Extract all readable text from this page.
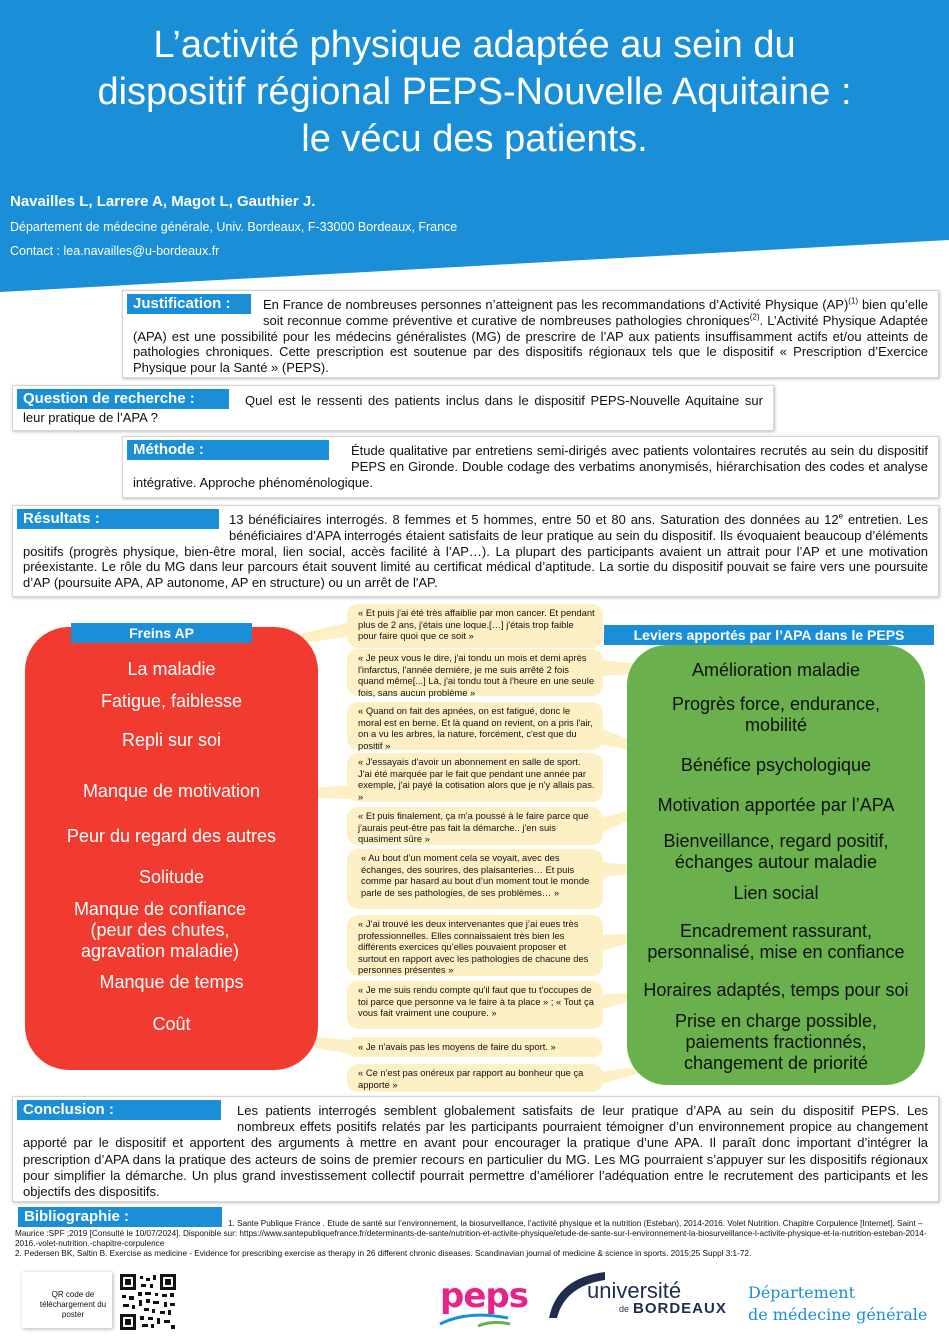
L’activité physique adaptée au sein du
dispositif régional PEPS-Nouvelle Aquitaine :
le vécu des patients.
Navailles L, Larrere A, Magot L, Gauthier J.
Département de médecine générale, Univ. Bordeaux, F-33000 Bordeaux, France
Contact : lea.navailles@u-bordeaux.fr
Justification :	En France de nombreuses personnes n’atteignent pas les recommandations d’Activité Physique (AP)$^{(1)}$ bien qu’elle soit reconnue comme préventive et curative de nombreuses pathologies chroniques$^{(2)}$. L’Activité Physique Adaptée (APA) est une possibilité pour les médecins généralistes (MG) de prescrire de l’AP aux patients insuffisamment actifs et/ou atteints de pathologies chroniques. Cette prescription est soutenue par des dispositifs régionaux tels que le dispositif « Prescription d’Exercice Physique pour la Santé » (PEPS).
Question de recherche :	Quel est le ressenti des patients inclus dans le dispositif PEPS-Nouvelle Aquitaine sur leur pratique de l’APA ?
Méthode :	Étude qualitative par entretiens semi-dirigés avec patients volontaires recrutés au sein du dispositif PEPS en Gironde. Double codage des verbatims anonymisés, hiérarchisation des codes et analyse intégrative. Approche phénoménologique.
Résultats :	13 bénéficiaires interrogés. 8 femmes et 5 hommes, entre 50 et 80 ans. Saturation des données au 12e entretien. Les bénéficiaires d’APA interrogés étaient satisfaits de leur pratique au sein du dispositif. Ils évoquaient beaucoup d’éléments positifs (progrès physique, bien-être moral, lien social, accès facilité à l’AP…). La plupart des participants avaient un attrait pour l’AP et une motivation préexistante. Le rôle du MG dans leur parcours était souvent limité au certificat médical d’aptitude. La sortie du dispositif pouvait se faire vers une poursuite d’AP (poursuite APA, AP autonome, AP en structure) ou un arrêt de l'AP.
Freins AP
La maladie
Fatigue, faiblesse
Repli sur soi
Manque de motivation
Peur du regard des autres
Solitude
Manque de confiance (peur des chutes, agravation maladie)
Manque de temps
Coût
Leviers apportés par l’APA dans le PEPS
Amélioration maladie
Progrès force, endurance, mobilité
Bénéfice psychologique
Motivation apportée par l’APA
Bienveillance, regard positif, échanges autour maladie
Lien social
Encadrement rassurant, personnalisé, mise en confiance
Horaires adaptés, temps pour soi
Prise en charge possible, paiements fractionnés, changement de priorité
« Et puis j'ai été très affaiblie par mon cancer. Et pendant plus de 2 ans, j'étais une loque.[…] j'étais trop faible pour faire quoi que ce soit »
« Je peux vous le dire, j'ai tondu un mois et demi après l'infarctus, l'année dernière, je me suis arrêté 2 fois quand même[...] Là, j'ai tondu tout à l'heure en une seule fois, sans aucun problème »
« Quand on fait des apnées, on est fatigué, donc le moral est en berne. Et là quand on revient, on a pris l'air, on a vu les arbres, la nature, forcément, c'est que du positif »
« J'essayais d'avoir un abonnement en salle de sport. J'ai été marquée par le fait que pendant une année par exemple, j'ai payé la cotisation alors que je n'y allais pas. »
« Et puis finalement, ça m'a poussé à le faire parce que j'aurais peut-être pas fait la démarche.. j'en suis quasiment sûre »
« Au bout d’un moment cela se voyait, avec des échanges, des sourires, des plaisanteries… Et puis comme par hasard au bout d’un moment tout le monde parle de ses pathologies, de ses problèmes… »
« J’ai trouvé les deux intervenantes que j’ai eues très professionnelles. Elles connaissaient très bien les différents exercices qu’elles pouvaient proposer et surtout en rapport avec les pathologies de chacune des personnes présentes »
« Je me suis rendu compte qu'il faut que tu t'occupes de toi parce que personne va le faire à ta place » ; « Tout ça vous fait vraiment une coupure. »
« Je n'avais pas les moyens de faire du sport. »
« Ce n'est pas onéreux par rapport au bonheur que ça apporte »
Conclusion :	Les patients interrogés semblent globalement satisfaits de leur pratique d’APA au sein du dispositif PEPS. Les nombreux effets positifs relatés par les participants pourraient témoigner d’un environnement propice au changement apporté par le dispositif et apportent des arguments à mettre en avant pour encourager la pratique d’une APA. Il paraît donc important d’intégrer la prescription d’APA dans la pratique des acteurs de soins de premier recours en particulier du MG. Les MG pourraient s’appuyer sur les dispositifs régionaux pour simplifier la démarche. Un plus grand investissement collectif pourrait permettre d’améliorer l’adéquation entre le recrutement des participants et les objectifs des dispositifs.
Bibliographie :	1. Sante Publique France . Etude de santé sur l’environnement, la biosurveillance, l’activité physique et la nutrition (Esteban), 2014-2016. Volet Nutrition. Chapitre Corpulence [Internet]. Saint –Maurice :SPF ;2019 [Consulté le 10/07/2024]. Disponible sur: https://www.santepubliquefrance.fr/determinants-de-sante/nutrition-et-activite-physique/etude-de-sante-sur-l-environnement-la-biosurveillance-l-activite-physique-et-la-nutrition-esteban-2014-2016.-volet-nutrition.-chapitre-corpulence
2. Pedersen BK, Saltin B. Exercise as medicine - Evidence for prescribing exercise as therapy in 26 different chronic diseases. Scandinavian journal of medicine & science in sports. 2015;25 Suppl 3:1-72.
QR code de téléchargement du poster	peps	université
de BORDEAUX
Département
de médecine générale
